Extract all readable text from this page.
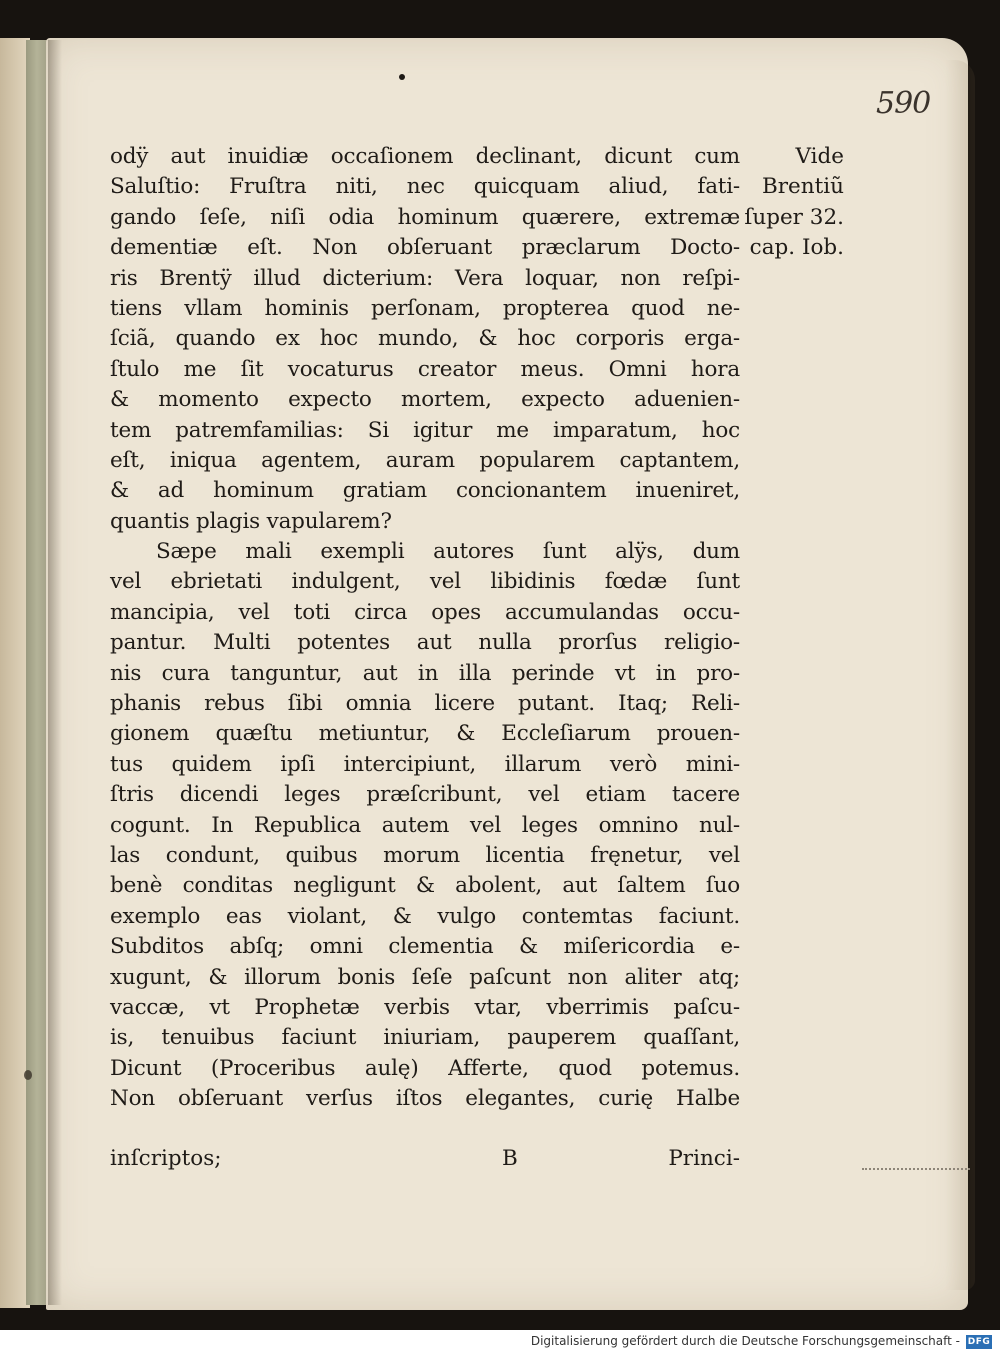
590
odÿ aut inuidiæ occaſionem declinant, dicunt cum
Saluſtio: Fruſtra niti, nec quicquam aliud, fati-
gando ſeſe, niſi odia hominum quærere, extremæ
dementiæ eſt. Non obſeruant præclarum Docto-
ris Brentÿ illud dicterium: Vera loquar, non reſpi-
tiens vllam hominis perſonam, propterea quod ne-
ſciã, quando ex hoc mundo, & hoc corporis erga-
ſtulo me ſit vocaturus creator meus. Omni hora
& momento expecto mortem, expecto aduenien-
tem patremfamilias: Si igitur me imparatum, hoc
eſt, iniqua agentem, auram popularem captantem,
& ad hominum gratiam concionantem inueniret,
quantis plagis vapularem?
Sæpe mali exempli autores ſunt alÿs, dum
vel ebrietati indulgent, vel libidinis fœdæ ſunt
mancipia, vel toti circa opes accumulandas occu-
pantur. Multi potentes aut nulla prorſus religio-
nis cura tanguntur, aut in illa perinde vt in pro-
phanis rebus ſibi omnia licere putant. Itaq; Reli-
gionem quæſtu metiuntur, & Eccleſiarum prouen-
tus quidem ipſi intercipiunt, illarum verò mini-
ſtris dicendi leges præſcribunt, vel etiam tacere
cogunt. In Republica autem vel leges omnino nul-
las condunt, quibus morum licentia fręnetur, vel
benè conditas negligunt & abolent, aut ſaltem ſuo
exemplo eas violant, & vulgo contemtas faciunt.
Subditos abſq; omni clementia & miſericordia e-
xugunt, & illorum bonis ſeſe paſcunt non aliter atq;
vaccæ, vt Prophetæ verbis vtar, vberrimis paſcu-
is, tenuibus faciunt iniuriam, pauperem quaſſant,
Dicunt (Proceribus aulę) Afferte, quod potemus.
Non obſeruant verſus iſtos elegantes, curię Halbe
Vide
Brentiũ
ſuper 32.
cap. Iob.
inſcriptos;	B	Princi-
Digitalisierung gefördert durch die Deutsche Forschungsgemeinschaft - DFG
